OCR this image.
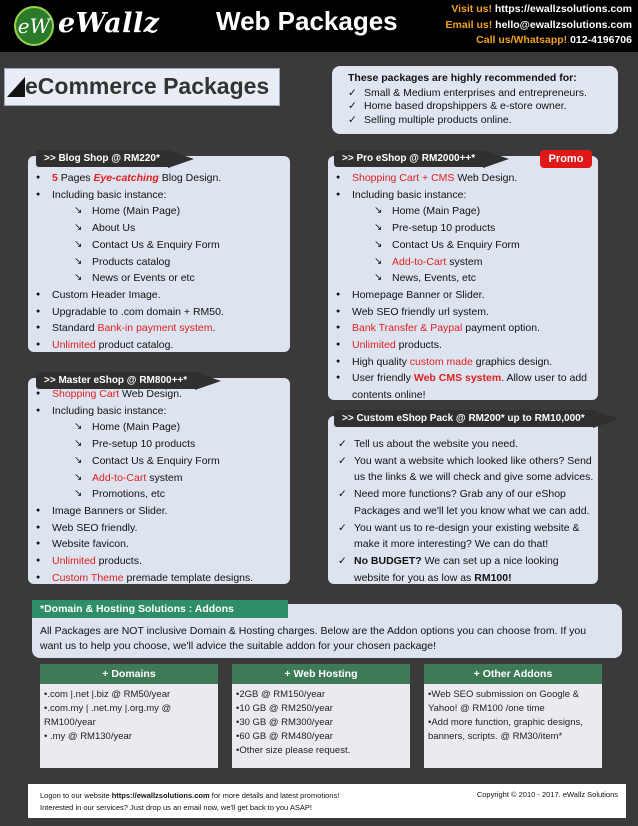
eW eWallz Web Packages	Visit us! https://ewallzsolutions.com
Email us! hello@ewallzsolutions.com
Call us/Whatsapp! 012-4196706
eCommerce Packages	These packages are highly recommended for:
✓ Small & Medium enterprises and entrepreneurs.
✓ Home based dropshippers & e-store owner.
✓ Selling multiple products online.
>> Blog Shop @ RM220*
● 5 Pages Eye-catching Blog Design.
● Including basic instance:
↘ Home (Main Page)
↘ About Us
↘ Contact Us & Enquiry Form
↘ Products catalog
↘ News or Events or etc
● Custom Header Image.
● Upgradable to .com domain + RM50.
● Standard Bank-in payment system.
● Unlimited product catalog.
>> Pro eShop @ RM2000++*	Promo
● Shopping Cart + CMS Web Design.
● Including basic instance:
↘ Home (Main Page)
↘ Pre-setup 10 products
↘ Contact Us & Enquiry Form
↘ Add-to-Cart system
↘ News, Events, etc
● Homepage Banner or Slider.
● Web SEO friendly url system.
● Bank Transfer & Paypal payment option.
● Unlimited products.
● High quality custom made graphics design.
● User friendly Web CMS system. Allow user to add contents online!
>> Master eShop @ RM800++*
● Shopping Cart Web Design.
● Including basic instance:
↘ Home (Main Page)
↘ Pre-setup 10 products
↘ Contact Us & Enquiry Form
↘ Add-to-Cart system
↘ Promotions, etc
● Image Banners or Slider.
● Web SEO friendly.
● Website favicon.
● Unlimited products.
● Custom Theme premade template designs.
>> Custom eShop Pack @ RM200* up to RM10,000*
✓ Tell us about the website you need.
✓ You want a website which looked like others? Send us the links & we will check and give some advices.
✓ Need more functions? Grab any of our eShop Packages and we'll let you know what we can add.
✓ You want us to re-design your existing website & make it more interesting? We can do that!
✓ No BUDGET? We can set up a nice looking website for you as low as RM100!
*Domain & Hosting Solutions : Addons
All Packages are NOT inclusive Domain & Hosting charges. Below are the Addon options you can choose from. If you want us to help you choose, we'll advice the suitable addon for your chosen package!
+ Domains
•.com |.net |.biz @ RM50/year
•.com.my | .net.my |.org.my @ RM100/year
• .my @ RM130/year
+ Web Hosting
•2GB @ RM150/year
•10 GB @ RM250/year
•30 GB @ RM300/year
•60 GB @ RM480/year
•Other size please request.
+ Other Addons
•Web SEO submission on Google & Yahoo! @ RM100 /one time
•Add more function, graphic designs, banners, scripts. @ RM30/item*
Logon to our website https://ewallzsolutions.com for more details and latest promotions!
Interested in our services? Just drop us an email now, we'll get back to you ASAP!
Copyright © 2010 - 2017. eWallz Solutions
